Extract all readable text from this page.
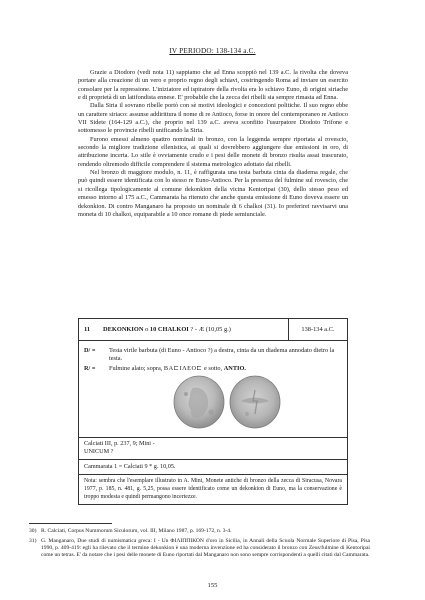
IV PERIODO: 138-134 a.C.

Grazie a Diodoro (vedi nota 11) sappiamo che ad Enna scoppiò nel 139 a.C. la rivolta che doveva portare alla creazione di un vero e proprio regno degli schiavi, costringendo Roma ad inviare un esercito consolare per la repressione. L'iniziatore ed ispiratore della rivolta era lo schiavo Euno, di origini siriache e di proprietà di un latifondista ennese. E' probabile che la zecca dei ribelli sia sempre rimasta ad Enna.

Dalla Siria il sovrano ribelle portò con sè motivi ideologici e concezioni politiche. Il suo regno ebbe un carattere siriaco: assunse addirittura il nome di re Antioco, forse in onore del contemporaneo re Antioco VII Sidete (164-129 a.C.), che proprio nel 139 a.C. aveva sconfitto l'usurpatore Diodoto Trifone e sottomesso le provincie ribelli unificando la Siria.

Furono emessi almeno quattro nominali in bronzo, con la leggenda sempre riportata al rovescio, secondo la migliore tradizione ellenistica, ai quali si dovrebbero aggiungere due emissioni in oro, di attribuzione incerta. Lo stile è ovviamente crudo e i pesi delle monete di bronzo risulta assai trascurato, rendendo oltremodo difficile comprendere il sistema metrologico adottato dai ribelli.

Nel bronzo di maggiore modulo, n. 11, è raffigurata una testa barbuta cinta da diadema regale, che può quindi essere identificata con lo stesso re Euno-Antioco. Per la presenza del fulmine sul rovescio, che si ricollega tipologicamente al comune dekonkion della vicina Kentoripai (30), dello stesso peso ed emesso intorno al 175 a.C., Cammarata ha ritenuto che anche questa emissione di Euno doveva essere un dekonkion. Di contro Manganaro ha proposto un nominale di 6 chalkoi (31). Io preferirei ravvisarvi una moneta di 10 chalkoi, equiparabile a 10 once romane di piede semiunciale.

11 DEKONKION o 10 CHALKOI ? - Æ (10,05 g.)	138-134 a.C.
D/ = Testa virile barbuta (di Euno - Antioco ?) a destra, cinta da un diadema annodato dietro la testa.
R/ = Fulmine alato; sopra, BA⊏IΛEO⊏ e sotto, ANTIO.
Calciati III, p. 237, 9; Mini -
UNICUM ?
Cammarata 1 = Calciati 9 * g. 10,05.
Nota: sembra che l'esemplare illustrato in A. Mini, Monete antiche di bronzo della zecca di Siracusa, Novara 1977, p. 185, n. 481, g. 5,25, possa essere identificato come un dekonkion di Euno, ma la conservazione è troppo modesta e quindi permangono incertezze.

30) R. Calciati, Corpus Nummorum Siculorum, vol. III, Milano 1987, p. 169-172, n. 3-4.

31) G. Manganaro, Due studi di numismatica greca: I - Un ΦΙΛΙΠΠΙΚΟΝ d'oro in Sicilia, in Annali della Scuola Normale Superiore di Pisa, Pisa 1990, p. 409-419: egli ha rilevato che il termine dekonkion è una moderna invenzione ed ha considerato il bronzo con Zeus/fulmine di Kentoripai come un tetras. E' da notare che i pesi delle monete di Euno riportati dal Manganaro non sono sempre corrispondenti a quelli citati dal Cammarata.

155
